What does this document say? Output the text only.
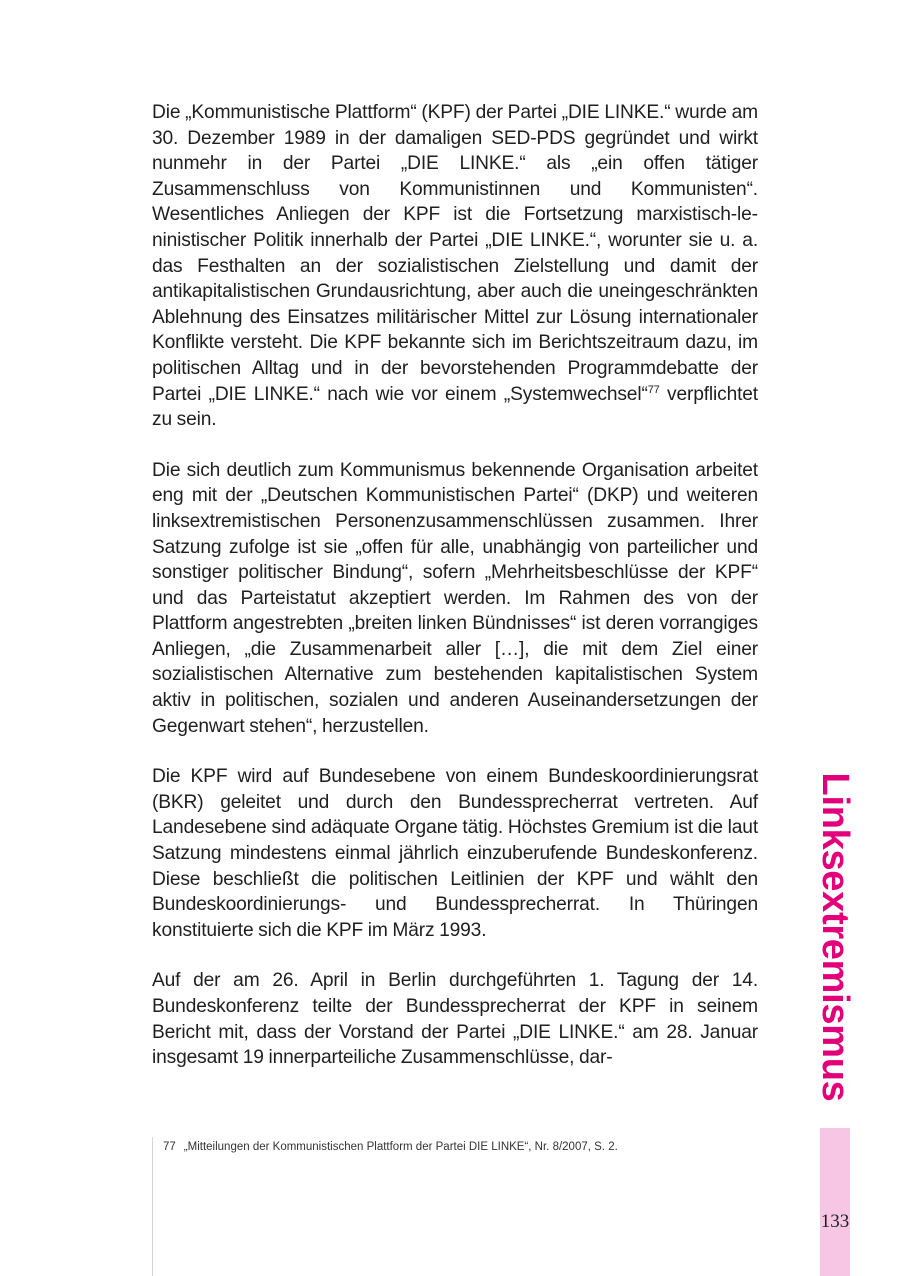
Die „Kommunistische Plattform“ (KPF) der Partei „DIE LINKE.“ wurde am 30. Dezember 1989 in der damaligen SED-PDS gegründet und wirkt nunmehr in der Partei „DIE LINKE.“ als „ein offen tätiger Zusammenschluss von Kommunistinnen und Kommunisten“. Wesentliches Anliegen der KPF ist die Fortsetzung marxistisch-leninistischer Politik innerhalb der Partei „DIE LINKE.“, worunter sie u. a. das Festhalten an der sozialistischen Zielstellung und damit der antikapitalistischen Grundausrichtung, aber auch die uneingeschränkten Ablehnung des Einsatzes militärischer Mittel zur Lösung internationaler Konflikte versteht. Die KPF bekannte sich im Berichtszeitraum dazu, im politischen Alltag und in der bevorstehenden Programmdebatte der Partei „DIE LINKE.“ nach wie vor einem „Systemwechsel“$^{77}$ verpflichtet zu sein.

Die sich deutlich zum Kommunismus bekennende Organisation arbeitet eng mit der „Deutschen Kommunistischen Partei“ (DKP) und weiteren linksextremistischen Personenzusammenschlüssen zusammen. Ihrer Satzung zufolge ist sie „offen für alle, unabhängig von parteilicher und sonstiger politischer Bindung“, sofern „Mehrheitsbeschlüsse der KPF“ und das Parteistatut akzeptiert werden. Im Rahmen des von der Plattform angestrebten „breiten linken Bündnisses“ ist deren vorrangiges Anliegen, „die Zusammenarbeit aller […], die mit dem Ziel einer sozialistischen Alternative zum bestehenden kapitalistischen System aktiv in politischen, sozialen und anderen Auseinandersetzungen der Gegenwart stehen“, herzustellen.

Die KPF wird auf Bundesebene von einem Bundeskoordinierungsrat (BKR) geleitet und durch den Bundessprecherrat vertreten. Auf Landesebene sind adäquate Organe tätig. Höchstes Gremium ist die laut Satzung mindestens einmal jährlich einzuberufende Bundeskonferenz. Diese beschließt die politischen Leitlinien der KPF und wählt den Bundeskoordinierungs- und Bundessprecherrat. In Thüringen konstituierte sich die KPF im März 1993.

Auf der am 26. April in Berlin durchgeführten 1. Tagung der 14. Bundeskonferenz teilte der Bundessprecherrat der KPF in seinem Bericht mit, dass der Vorstand der Partei „DIE LINKE.“ am 28. Januar insgesamt 19 innerparteiliche Zusammenschlüsse, dar-

77 „Mitteilungen der Kommunistischen Plattform der Partei DIE LINKE“, Nr. 8/2007, S. 2.
Linksextremismus
133
